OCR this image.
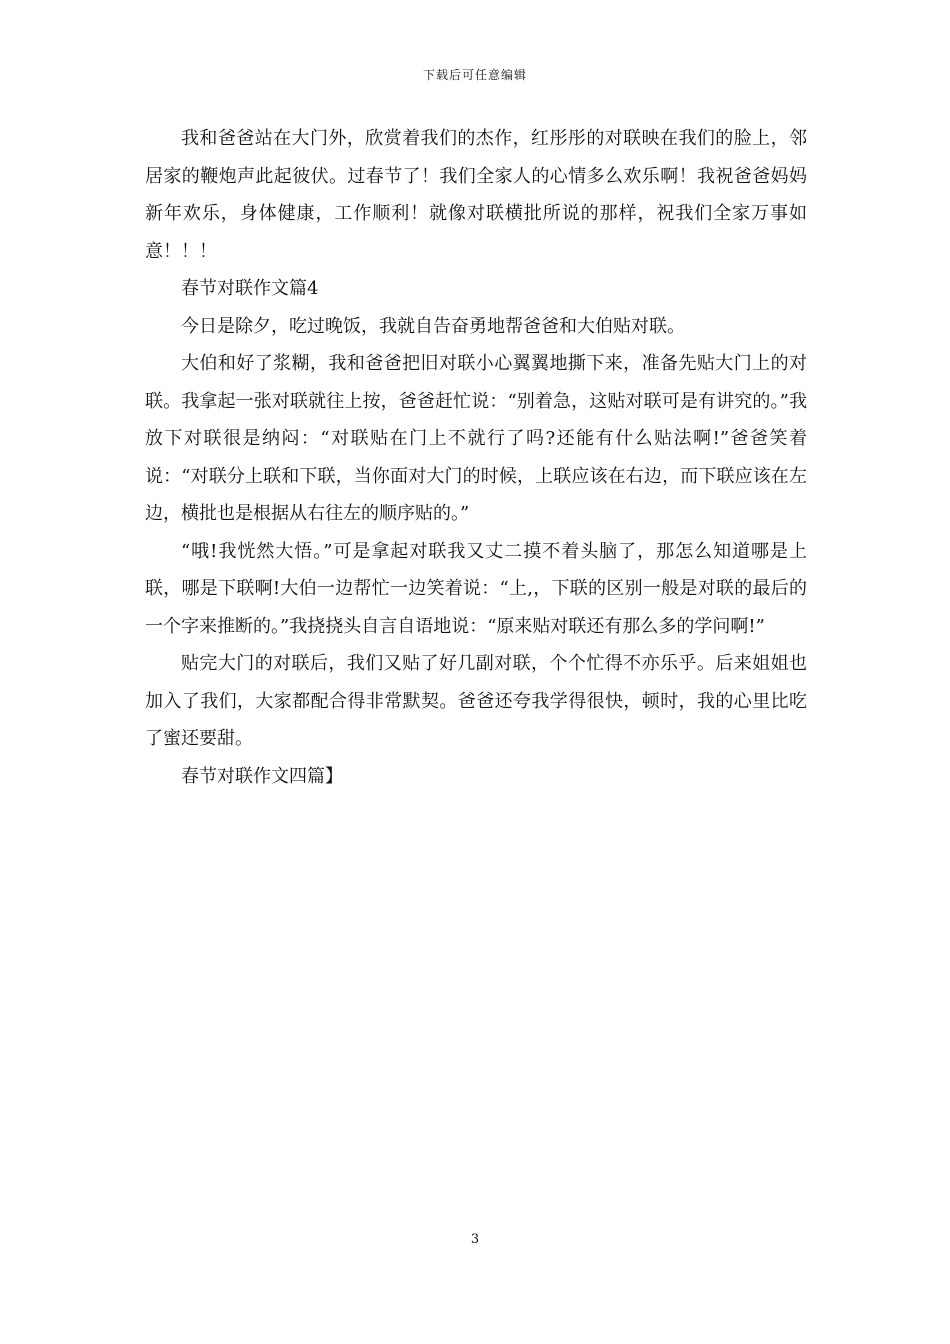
下载后可任意编辑

我和爸爸站在大门外，欣赏着我们的杰作，红彤彤的对联映在我们的脸上，邻居家的鞭炮声此起彼伏。过春节了！我们全家人的心情多么欢乐啊！我祝爸爸妈妈新年欢乐，身体健康，工作顺利！就像对联横批所说的那样，祝我们全家万事如意！！！

春节对联作文篇4

今日是除夕，吃过晚饭，我就自告奋勇地帮爸爸和大伯贴对联。

大伯和好了浆糊，我和爸爸把旧对联小心翼翼地撕下来，准备先贴大门上的对联。我拿起一张对联就往上按，爸爸赶忙说：“别着急，这贴对联可是有讲究的。”我放下对联很是纳闷：“对联贴在门上不就行了吗?还能有什么贴法啊!”爸爸笑着说：“对联分上联和下联，当你面对大门的时候，上联应该在右边，而下联应该在左边，横批也是根据从右往左的顺序贴的。”

“哦!我恍然大悟。”可是拿起对联我又丈二摸不着头脑了，那怎么知道哪是上联，哪是下联啊!大伯一边帮忙一边笑着说：“上,，下联的区别一般是对联的最后的一个字来推断的。”我挠挠头自言自语地说：“原来贴对联还有那么多的学问啊!”

贴完大门的对联后，我们又贴了好几副对联，个个忙得不亦乐乎。后来姐姐也加入了我们，大家都配合得非常默契。爸爸还夸我学得很快，顿时，我的心里比吃了蜜还要甜。

春节对联作文四篇】

3
